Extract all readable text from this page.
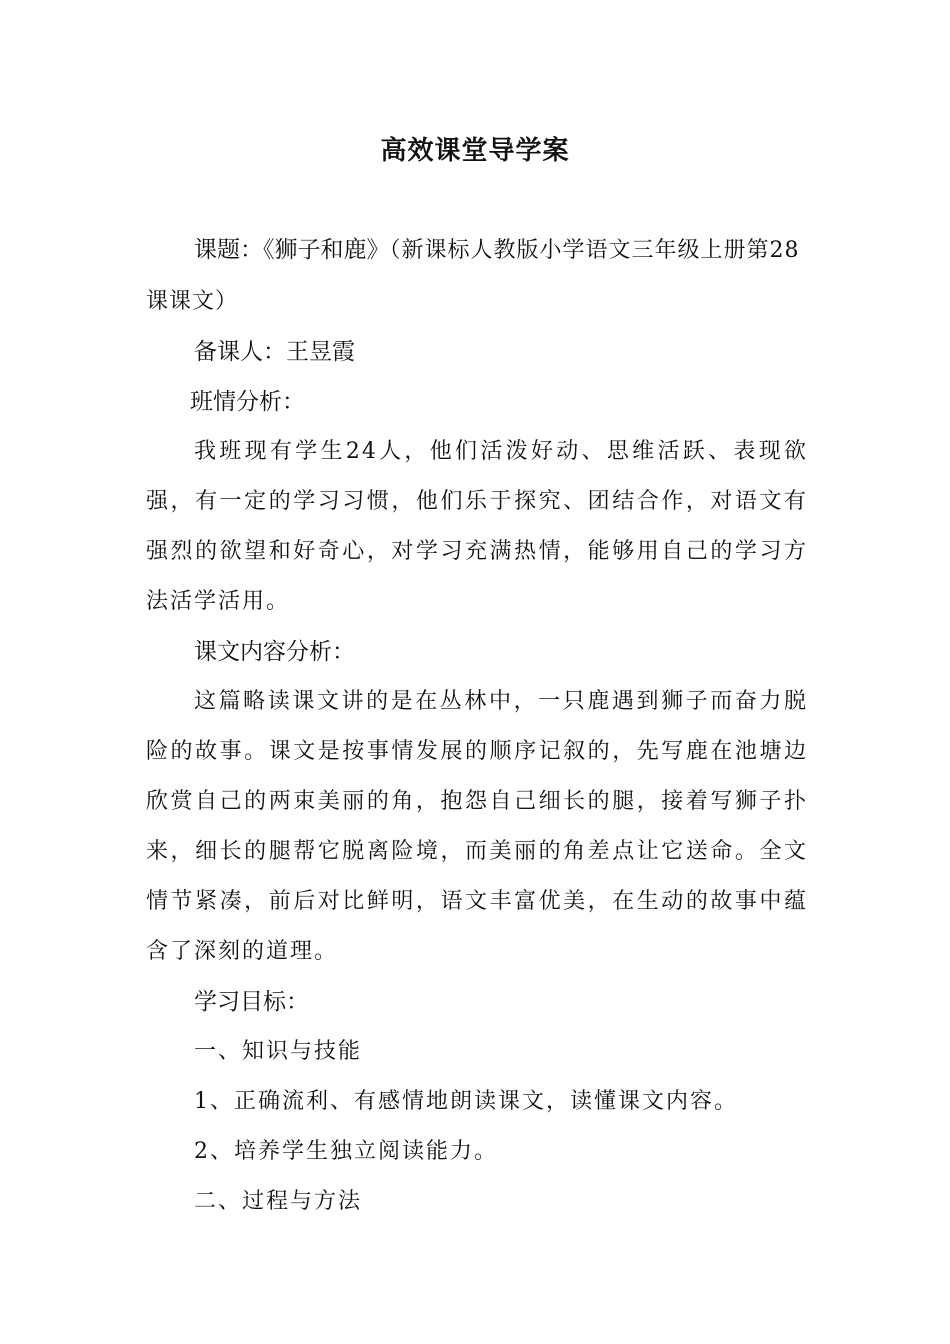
高效课堂导学案
课题：《狮子和鹿》（新课标人教版小学语文三年级上册第28课课文）
备课人：王昱霞
班情分析：

我班现有学生24人，他们活泼好动、思维活跃、表现欲强，有一定的学习习惯，他们乐于探究、团结合作，对语文有强烈的欲望和好奇心，对学习充满热情，能够用自己的学习方法活学活用。

课文内容分析：

这篇略读课文讲的是在丛林中，一只鹿遇到狮子而奋力脱险的故事。课文是按事情发展的顺序记叙的，先写鹿在池塘边欣赏自己的两束美丽的角，抱怨自己细长的腿，接着写狮子扑来，细长的腿帮它脱离险境，而美丽的角差点让它送命。全文情节紧凑，前后对比鲜明，语文丰富优美，在生动的故事中蕴含了深刻的道理。

学习目标：
一、知识与技能
1、正确流利、有感情地朗读课文，读懂课文内容。
2、培养学生独立阅读能力。
二、过程与方法
